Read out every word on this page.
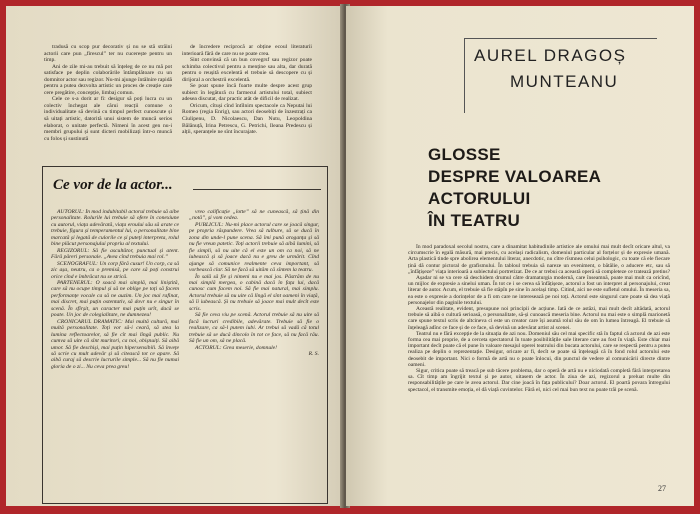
tradusă cu scop pur decorativ și nu se stă străini actorii care pun „firescul” ter nu cucerește pentru un timp.

Ani de zile mi-au trebuit să înțeleg de ce nu mă pot satisface pe deplin colaborările întâmplătoare cu un domnitor actor sau regizor. Nu-mi ajunge întâlnire rapidă pentru a putea dezvolta artistic un proces de creație care cere pregătire, concepție, limbaj comun.

Cele ce s-a dorit ar fi: desigur să poți lucra cu un colectiv închegat ale cărui reacții comune o individualitate să devină cu timpul perfect cunoscute și să uitați artistic, datorită unui sistem de muncă serios elaborat, o unitate perfectă. Nimeni în acest gen nu-i membri grupului și sunt dicteri mobilizați într-o muncă cu folos și sustinută

de încredere reciprocă ar obține ecoul literaturii interioară fără de care nu se poate crea.

Sint convinsă că un bun covegrsf sau regizor poate schimba colectivul pentru a menține sau alta, dar durată pentru o reușită excelentă el trebuie să descopere cu și dirijoral a orchestrii excelentă.

Se poat spune încă foarte multe despre acest grup subiect în legătură cu farmecul artistului total, subiect adesea discutat, dar practic atât de dificil de realizat.

Oricum, cîtuși cînd întîlnim spectacole ca Neputai lui Romeo (regia Enrig), sau actori deosebiți de înzestrați ca Ciulipenu, D. Nicolaescu, Dan Nutu, Leopoldina Bălănuță, Irina Petrescu, G. Petrichi, Ileana Predescu și alții, speranțele ne sînt încurajate.

Ce vor de la actor...

AUTORUL: În mod indubitabil actorul trebuie să aibe personalitate. Rolurile lui trebuie să ofere în conexiune cu autorul, viața adevărată, viața eroului său să arate ce trebuie, figura și temperamentul lui, o personalitate bine marcată și legată de culorile ce și puteți interpreta, rolul bine plăcut personajului propriu al textului.

REGIZORUL: Să fie ascultător, punctual și atent. Fără păreri personale. „Avea cînd trebuia mai rol.”

SCENOGRAFUL: Un corp fără cusur! Un corp, ca să zic așa, neutru, ca o premisă, pe care să poți construi orice cînd e îmbrăcat nu se strică.

PARTENERUL: O soacă mai simplă, mai liniștită, care să nu ocupe timpul și să ne oblige pe toți să facem performanțe vocale ca să ne auzim. Un joc mai rafinat, mai discret, mai puțin ostentativ, să dovr nu e singur în scenă. În sfîrșit, un caracter mai puțin urît, dacă se poate. Un joc de colegialitate, ne dumnezeu!

CRONICARUL DRAMATIC: Mai multă cultură, mai multă personalitate. Toți vor să-i ceară, să stea la lumina reflectoarelor, să fie cît mai lîngă public. Nu cumva să uite că sînt muritori, ca noi, obișnuiți. Să aibă umor. Să fie deschiși, mai puțin hipersensibili. Să învețe să scrie cu mult adevăr și să citească tot ce apare. Să aibă curaj să descrie lucrurile simple... Să nu fie numai gloria de o zi... Nu ceva prea greu!

vreo calificație „lotte” să ne cunească, să țină din „notă”, și vom cedea.

PUBLICUL: Nu-mi place actorul care se joacă singur, pe propria răspundere. Vrea să tulbure, să se ducă în zona din unde-l pune scena. Să îmi pună aroganța și să nu fie vreun patetic. Toți actorii trebuie să aibă lumini, să fie simpli, să nu uite că el este un om ca noi, să ne iubească și să joace dacă nu e greu de urmărit. Cînd ajunge să comunice realmente ceva important, să vorbească clar. Să ne facă să uităm că sîntem la teatru.

În sală să fie și nimeni nu e mai jos. Păstrăm de nu mai simplă mergea, o cabină dacă în fața lui, dacă cunosc cum facem noi. Să fie mai natural, mai simplu. Actorul trebuie să nu uite că lîngă el sînt oameni în viață, să îi iubească. Și nu trebuie să joace mai mult decît este scris.

Să fie ceva viu pe scenă. Actorul trebuie să nu uite să facă lucruri credibile, adevărate. Trebuie să fie o realizare, ca să-l putem iubi. Ar trebui să vadă că totul trebuie să se ducă dincolo în tot ce face, să nu facă rău. Să fie un om, să ne placă.

ACTORUL: Grea meserie, domnule!

R. S.

AUREL DRAGOȘ
MUNTEANU
GLOSSE
DESPRE VALOAREA ACTORULUI
ÎN TEATRU

În mod paradoxal secolul nostru, care a dinamitat habitudinile artistice ale omului mai mult decît oricare altul, va circumscrie în egală măsură, mai precis, cu același radicalism, domeniul particular al forțelor și de expresie umană. Arta plastică tinde spre abolirea elementului literar, anecdotic, nu cître rîsmnea celui psihologic, cu toate că ele fiecare țină dă contur pictoral de grafismului. În tabloul trebuia să nareze un eveniment, o bătălie, o aducere etc, sau să „înfățișeze” viața interioară a subiectului portretizat. De ce ar trebui ca această operă să completeze ce tratează pretins?

Așadar ni se va cere să deschidem drumul către dramaturgia modernă, care înseamnă, poate mai mult ca oricînd, un mijloc de expresie a sinelui uman. În tot ce i se cerea să înfățișeze, actorul a fost un interpret al personajului, creat literar de autor. Acum, el trebuie să fie stăpîn pe sine în același timp. Citind, aici ne este sufletul omului. În meseria sa, ea este o expresie a dorințelor de a fi om care ne interesează pe noi toți. Actorul este singurul care poate să dea viață personajelor din paginile textului.

Această realitate, evident, presupune noi principii de acțiune. Iată de ce astăzi, mai mult decît altădată, actorul trebuie să aibă o cultură serioasă, o personalitate, să-și cunoască meseria bine. Actorul nu mai este o simplă marionetă care spune textul scris de altcineva ci este un creator care își asumă rolul său de om în lumea întreagă. El trebuie să înțeleagă adînc ce face și de ce face, să devină un adevărat artist al scenei.

Teatrul nu e fără excepție de la situația de azi nou. Domeniul său cel mai specific stă în faptul că actorul de azi este forma cea mai proprie, de a cerceta spectatorul în toate posibilitățile sale literare care au fost în viață. Este chiar mai important decît poate că el pune în valoare mesajul operei teatrului din bucata actorului, care se respectă pentru a putea realiza pe deplin o reprezentație. Desigur, oricare ar fi, decît se poate să înțeleagă că în fond rolul actorului este deosebit de important. Nici o formă de artă nu o poate înlocui, din punctul de vedere al comunicării directe dintre oameni.

Sigur, critica poate să treacă pe sub tăcere problema, dar o operă de artă nu e niciodată completă fără interpretarea sa. Cît timp am îngrijit textul și pe autor, uitasem de actor. În ziua de azi, regizorul a preluat multe din responsabilitățile pe care le avea actorul. Dar cine joacă în fața publicului? Doar actorul. El poartă povara întregului spectacol, el transmite emoția, el dă viață cuvintelor. Fără el, nici cel mai bun text nu poate trăi pe scenă.

27
